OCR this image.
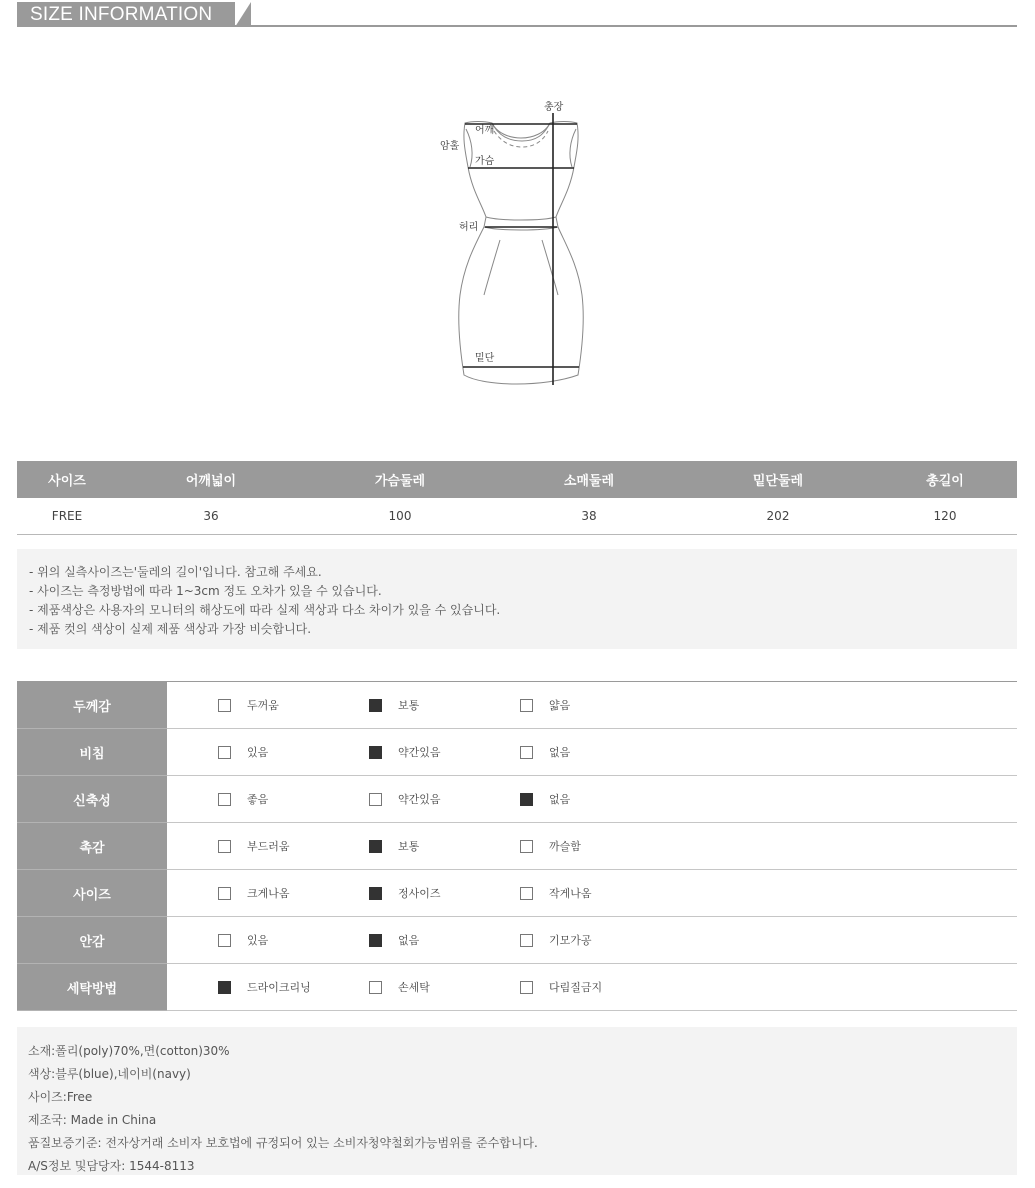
SIZE INFORMATION
총장
어깨
암홀
가슴
허리
밑단
사이즈	어깨넓이	가슴둘레	소매둘레	밑단둘레	총길이
FREE	36	100	38	202	120

- 위의 실측사이즈는'둘레의 길이'입니다. 참고해 주세요.

- 사이즈는 측정방법에 따라 1~3cm 정도 오차가 있을 수 있습니다.

- 제품색상은 사용자의 모니터의 해상도에 따라 실제 색상과 다소 차이가 있을 수 있습니다.

- 제품 컷의 색상이 실제 제품 색상과 가장 비슷합니다.

두께감	두꺼움 보통 얇음

비침	있음 약간있음 없음

신축성	좋음 약간있음 없음

촉감	부드러움 보통 까슬함

사이즈	크게나옴 정사이즈 작게나옴

안감	있음 없음 기모가공

세탁방법	드라이크리닝 손세탁 다림질금지

소재:폴리(poly)70%,면(cotton)30%

색상:블루(blue),네이비(navy)

사이즈:Free

제조국: Made in China

품질보증기준: 전자상거래 소비자 보호법에 규정되어 있는 소비자청약철회가능범위를 준수합니다.

A/S정보 및담당자: 1544-8113
